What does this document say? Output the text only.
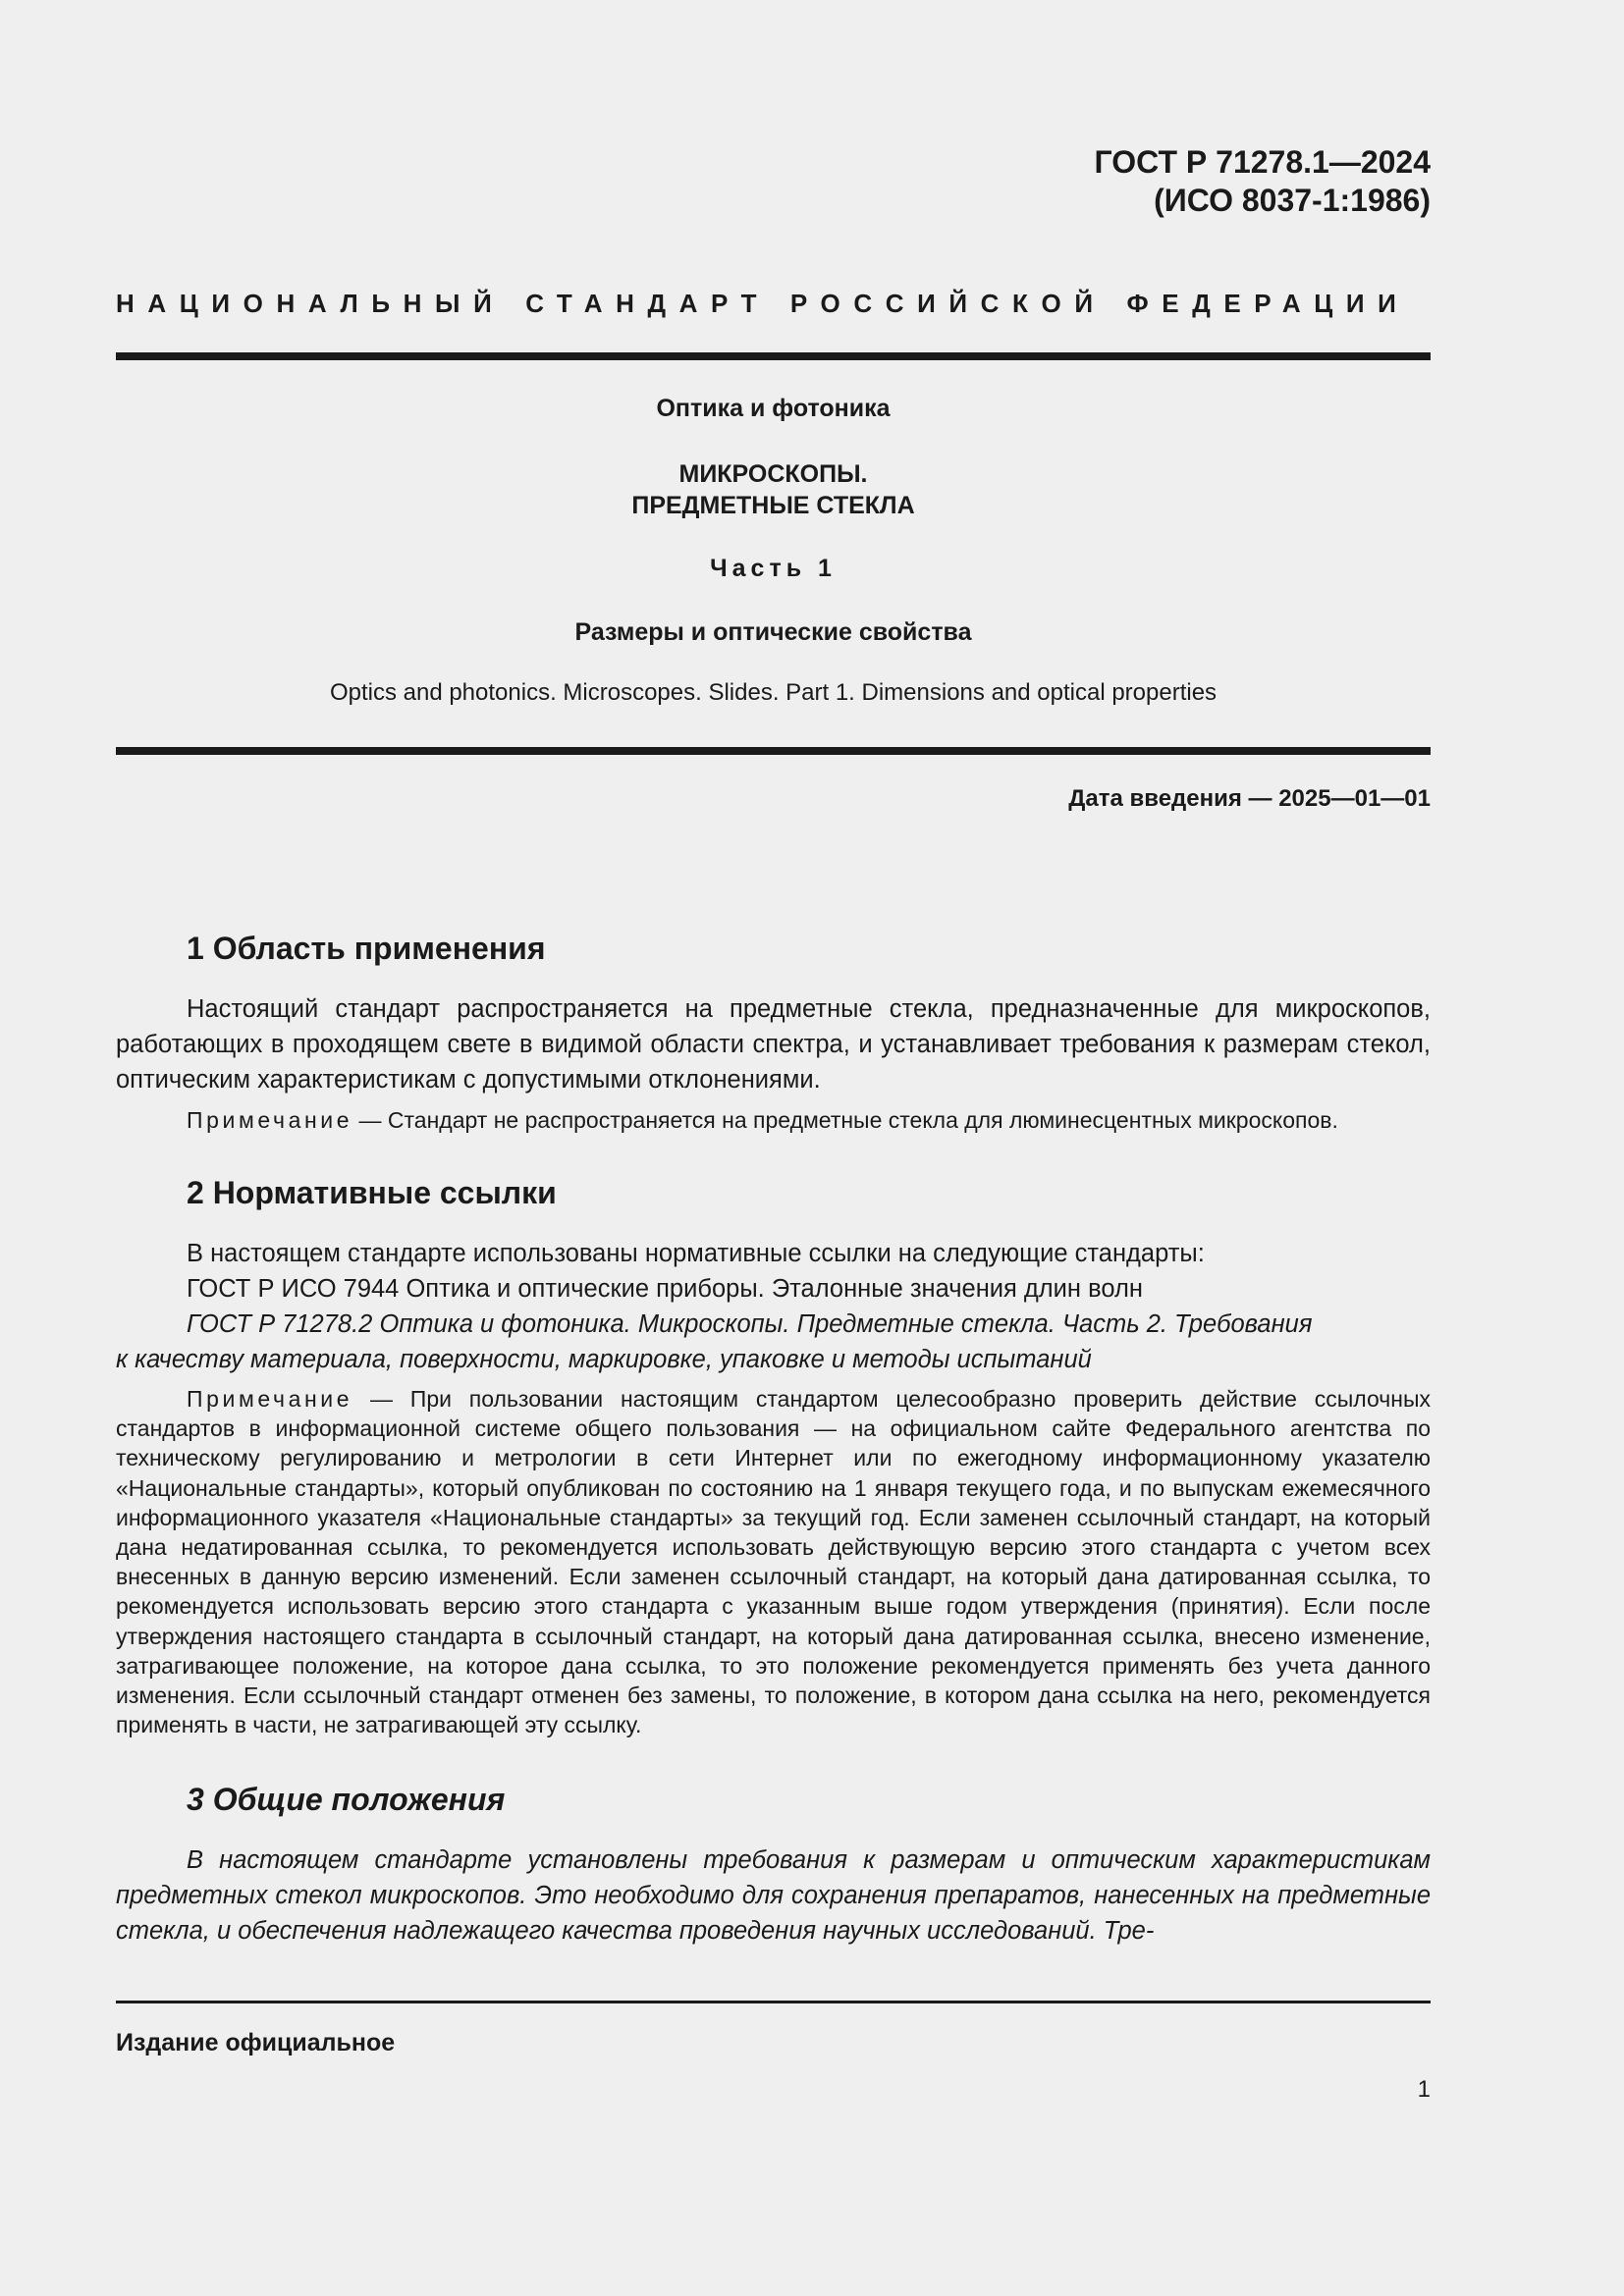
ГОСТ Р 71278.1—2024
(ИСО 8037-1:1986)
НАЦИОНАЛЬНЫЙ СТАНДАРТ РОССИЙСКОЙ ФЕДЕРАЦИИ
Оптика и фотоника
МИКРОСКОПЫ.
ПРЕДМЕТНЫЕ СТЕКЛА
Часть 1
Размеры и оптические свойства
Optics and photonics. Microscopes. Slides. Part 1. Dimensions and optical properties
Дата введения — 2025—01—01
1 Область применения
Настоящий стандарт распространяется на предметные стекла, предназначенные для микроскопов, работающих в проходящем свете в видимой области спектра, и устанавливает требования к размерам стекол, оптическим характеристикам с допустимыми отклонениями.
Примечание — Стандарт не распространяется на предметные стекла для люминесцентных микроскопов.
2 Нормативные ссылки
В настоящем стандарте использованы нормативные ссылки на следующие стандарты:
ГОСТ Р ИСО 7944 Оптика и оптические приборы. Эталонные значения длин волн
ГОСТ Р 71278.2 Оптика и фотоника. Микроскопы. Предметные стекла. Часть 2. Требования
к качеству материала, поверхности, маркировке, упаковке и методы испытаний
Примечание — При пользовании настоящим стандартом целесообразно проверить действие ссылочных стандартов в информационной системе общего пользования — на официальном сайте Федерального агентства по техническому регулированию и метрологии в сети Интернет или по ежегодному информационному указателю «Национальные стандарты», который опубликован по состоянию на 1 января текущего года, и по выпускам ежемесячного информационного указателя «Национальные стандарты» за текущий год. Если заменен ссылочный стандарт, на который дана недатированная ссылка, то рекомендуется использовать действующую версию этого стандарта с учетом всех внесенных в данную версию изменений. Если заменен ссылочный стандарт, на который дана датированная ссылка, то рекомендуется использовать версию этого стандарта с указанным выше годом утверждения (принятия). Если после утверждения настоящего стандарта в ссылочный стандарт, на который дана датированная ссылка, внесено изменение, затрагивающее положение, на которое дана ссылка, то это положение рекомендуется применять без учета данного изменения. Если ссылочный стандарт отменен без замены, то положение, в котором дана ссылка на него, рекомендуется применять в части, не затрагивающей эту ссылку.
3 Общие положения
В настоящем стандарте установлены требования к размерам и оптическим характеристикам предметных стекол микроскопов. Это необходимо для сохранения препаратов, нанесенных на предметные стекла, и обеспечения надлежащего качества проведения научных исследований. Тре-
Издание официальное
1
